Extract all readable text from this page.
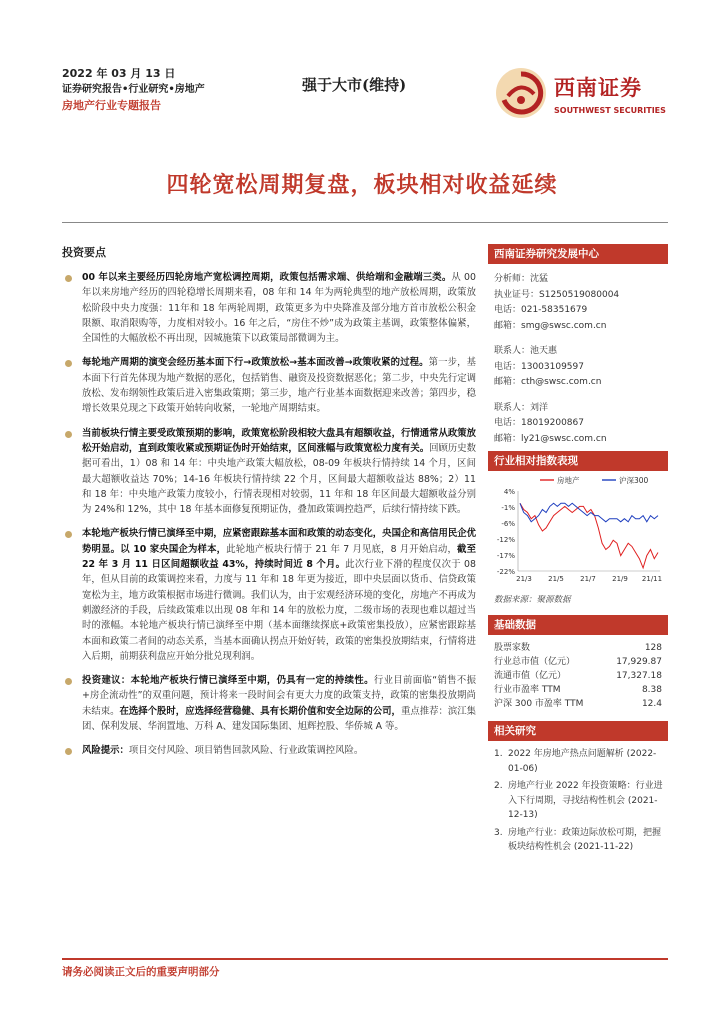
2022 年 03 月 13 日
证券研究报告•行业研究•房地产
房地产行业专题报告
强于大市(维持)	西南证券
SOUTHWEST SECURITIES
四轮宽松周期复盘，板块相对收益延续
投资要点
00 年以来主要经历四轮房地产宽松调控周期，政策包括需求端、供给端和金融端三类。从 00 年以来房地产经历的四轮稳增长周期来看，08 年和 14 年为两轮典型的地产放松周期，政策放松阶段中央力度强：11年和 18 年两轮周期，政策更多为中央降准及部分地方首市放松公积金限额、取消限购等，力度相对较小。16 年之后，“房住不炒”成为政策主基调，政策整体偏紧，全国性的大幅放松不再出现，因城施策下以政策局部微调为主。
每轮地产周期的演变会经历基本面下行→政策放松→基本面改善→政策收紧的过程。第一步，基本面下行首先体现为地产数据的恶化，包括销售、融资及投资数据恶化；第二步，中央先行定调放松、发布纲领性政策后进入密集政策期；第三步，地产行业基本面数据迎来改善；第四步，稳增长效果兑现之下政策开始转向收紧，一轮地产周期结束。
当前板块行情主要受政策预期的影响，政策宽松阶段相较大盘具有超额收益，行情通常从政策放松开始启动，直到政策收紧或预期证伪时开始结束，区间涨幅与政策宽松力度有关。回顾历史数据可看出，1）08 和 14 年：中央地产政策大幅放松，08-09 年板块行情持续 14 个月，区间最大超额收益达 70%；14-16 年板块行情持续 22 个月，区间最大超额收益达 88%；2）11 和 18 年：中央地产政策力度较小，行情表现相对较弱，11 年和 18 年区间最大超额收益分别为 24%和 12%，其中 18 年基本面修复预期证伪，叠加政策调控趋严，后续行情持续下跌。
本轮地产板块行情已演绎至中期，应紧密跟踪基本面和政策的动态变化，央国企和高信用民企优势明显。以 10 家央国企为样本，此轮地产板块行情于 21 年 7 月见底，8 月开始启动，截至 22 年 3 月 11 日区间超额收益 43%，持续时间近 8 个月。此次行业下滑的程度仅次于 08 年，但从目前的政策调控来看，力度与 11 年和 18 年更为接近，即中央层面以货币、信贷政策宽松为主，地方政策根据市场进行微调。我们认为，由于宏观经济环境的变化，房地产不再成为刺激经济的手段，后续政策难以出现 08 年和 14 年的放松力度，二级市场的表现也难以超过当时的涨幅。本轮地产板块行情已演绎至中期（基本面继续探底+政策密集投放），应紧密跟踪基本面和政策二者间的动态关系，当基本面确认拐点开始好转，政策的密集投放期结束，行情将进入后期，前期获利盘应开始分批兑现利润。
投资建议：本轮地产板块行情已演绎至中期，仍具有一定的持续性。行业目前面临“销售不振+房企流动性”的双重问题，预计将来一段时间会有更大力度的政策支持，政策的密集投放期尚未结束。在选择个股时，应选择经营稳健、具有长期价值和安全边际的公司，重点推荐：滨江集团、保利发展、华润置地、万科 A、建发国际集团、旭辉控股、华侨城 A 等。
风险提示：项目交付风险、项目销售回款风险、行业政策调控风险。
西南证券研究发展中心
分析师：沈猛
执业证号：S1250519080004
电话：021-58351679
邮箱：smg@swsc.com.cn
联系人：池天惠
电话：13003109597
邮箱：cth@swsc.com.cn
联系人：刘洋
电话：18019200867
邮箱：ly21@swsc.com.cn
行业相对指数表现
4%
-1%
-6%
-12%
-17%
-22%
21/3 21/5 21/7 21/9 21/11
房地产	沪深300
数据来源：聚源数据
基础数据
股票家数	128
行业总市值（亿元）	17,929.87
流通市值（亿元）	17,327.18
行业市盈率 TTM	8.38
沪深 300 市盈率 TTM	12.4
相关研究
1. 2022 年房地产热点问题解析 (2022-01-06)
2. 房地产行业 2022 年投资策略：行业进入下行周期，寻找结构性机会 (2021-12-13)
3. 房地产行业：政策边际放松可期，把握板块结构性机会 (2021-11-22)
请务必阅读正文后的重要声明部分
